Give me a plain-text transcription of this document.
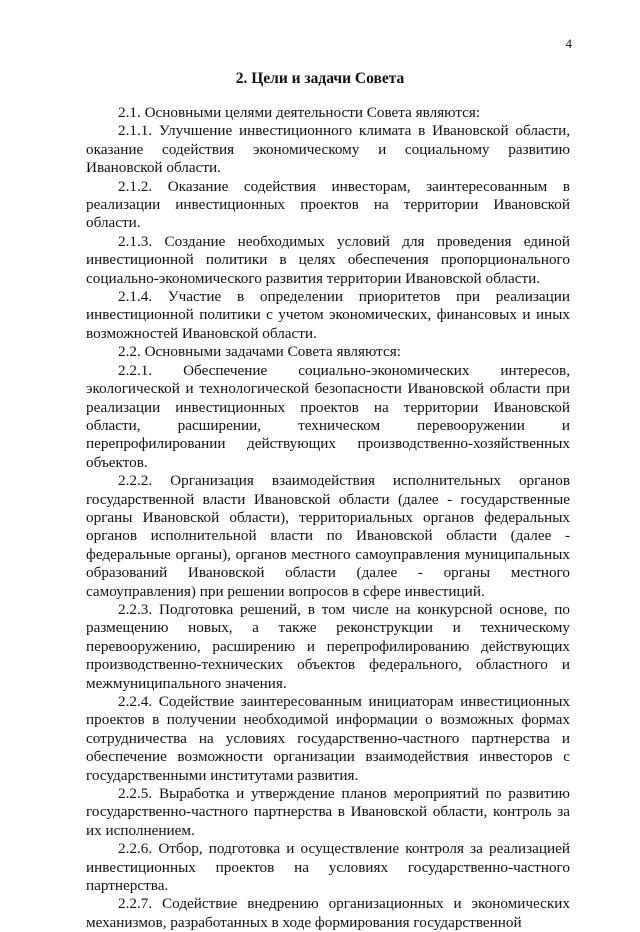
4
2. Цели и задачи Совета

2.1. Основными целями деятельности Совета являются:

2.1.1. Улучшение инвестиционного климата в Ивановской области, оказание содействия экономическому и социальному развитию Ивановской области.

2.1.2. Оказание содействия инвесторам, заинтересованным в реализации инвестиционных проектов на территории Ивановской области.

2.1.3. Создание необходимых условий для проведения единой инвестиционной политики в целях обеспечения пропорционального социально-экономического развития территории Ивановской области.

2.1.4. Участие в определении приоритетов при реализации инвестиционной политики с учетом экономических, финансовых и иных возможностей Ивановской области.

2.2. Основными задачами Совета являются:

2.2.1. Обеспечение социально-экономических интересов, экологической и технологической безопасности Ивановской области при реализации инвестиционных проектов на территории Ивановской области, расширении, техническом перевооружении и перепрофилировании действующих производственно-хозяйственных объектов.

2.2.2. Организация взаимодействия исполнительных органов государственной власти Ивановской области (далее - государственные органы Ивановской области), территориальных органов федеральных органов исполнительной власти по Ивановской области (далее - федеральные органы), органов местного самоуправления муниципальных образований Ивановской области (далее - органы местного самоуправления) при решении вопросов в сфере инвестиций.

2.2.3. Подготовка решений, в том числе на конкурсной основе, по размещению новых, а также реконструкции и техническому перевооружению, расширению и перепрофилированию действующих производственно-технических объектов федерального, областного и межмуниципального значения.

2.2.4. Содействие заинтересованным инициаторам инвестиционных проектов в получении необходимой информации о возможных формах сотрудничества на условиях государственно-частного партнерства и обеспечение возможности организации взаимодействия инвесторов с государственными институтами развития.

2.2.5. Выработка и утверждение планов мероприятий по развитию государственно-частного партнерства в Ивановской области, контроль за их исполнением.

2.2.6. Отбор, подготовка и осуществление контроля за реализацией инвестиционных проектов на условиях государственно-частного партнерства.

2.2.7. Содействие внедрению организационных и экономических механизмов, разработанных в ходе формирования государственной
